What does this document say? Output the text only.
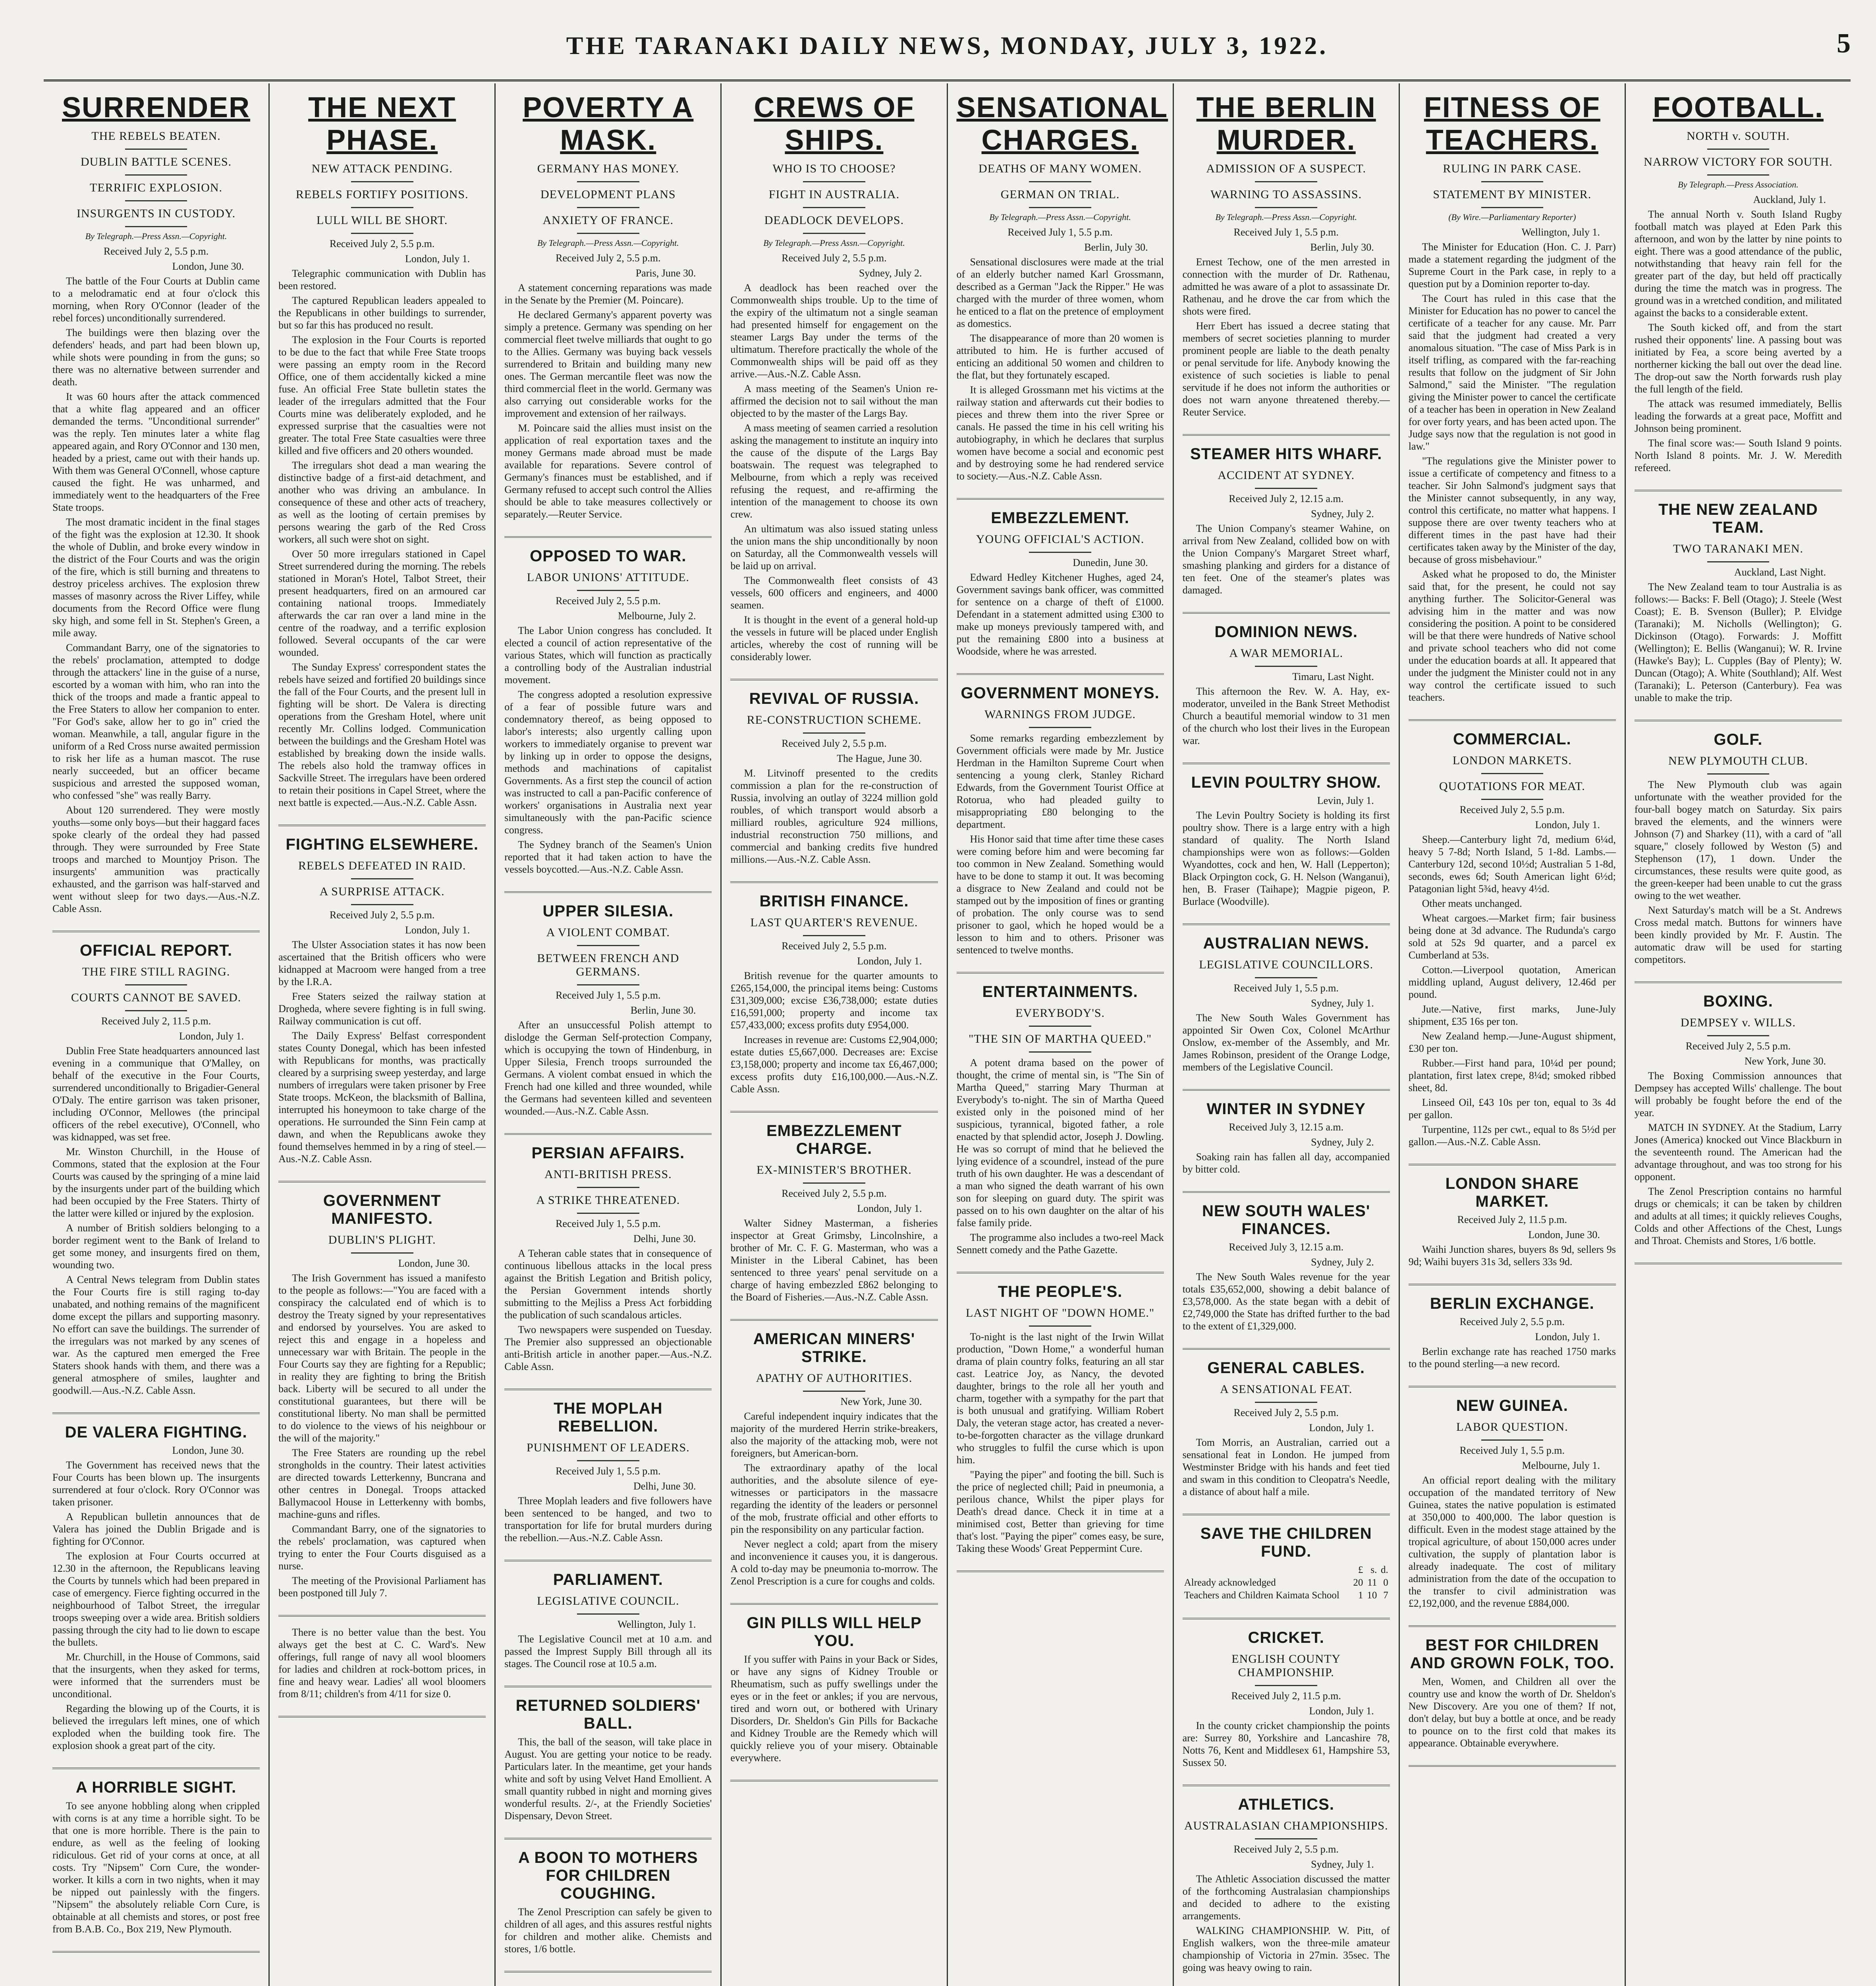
THE TARANAKI DAILY NEWS, MONDAY, JULY 3, 1922.	5
SURRENDER
THE REBELS BEATEN.
DUBLIN BATTLE SCENES.
TERRIFIC EXPLOSION.
INSURGENTS IN CUSTODY.
By Telegraph.—Press Assn.—Copyright.
Received July 2, 5.5 p.m.
London, June 30.

The battle of the Four Courts at Dublin came to a melodramatic end at four o'clock this morning, when Rory O'Connor (leader of the rebel forces) unconditionally surrendered.

The buildings were then blazing over the defenders' heads, and part had been blown up, while shots were pounding in from the guns; so there was no alternative between surrender and death.

It was 60 hours after the attack commenced that a white flag appeared and an officer demanded the terms. "Unconditional surrender" was the reply. Ten minutes later a white flag appeared again, and Rory O'Connor and 130 men, headed by a priest, came out with their hands up. With them was General O'Connell, whose capture caused the fight. He was unharmed, and immediately went to the headquarters of the Free State troops.

The most dramatic incident in the final stages of the fight was the explosion at 12.30. It shook the whole of Dublin, and broke every window in the district of the Four Courts and was the origin of the fire, which is still burning and threatens to destroy priceless archives. The explosion threw masses of masonry across the River Liffey, while documents from the Record Office were flung sky high, and some fell in St. Stephen's Green, a mile away.

Commandant Barry, one of the signatories to the rebels' proclamation, attempted to dodge through the attackers' line in the guise of a nurse, escorted by a woman with him, who ran into the thick of the troops and made a frantic appeal to the Free Staters to allow her companion to enter. "For God's sake, allow her to go in" cried the woman. Meanwhile, a tall, angular figure in the uniform of a Red Cross nurse awaited permission to risk her life as a human mascot. The ruse nearly succeeded, but an officer became suspicious and arrested the supposed woman, who confessed "she" was really Barry.

About 120 surrendered. They were mostly youths—some only boys—but their haggard faces spoke clearly of the ordeal they had passed through. They were surrounded by Free State troops and marched to Mountjoy Prison. The insurgents' ammunition was practically exhausted, and the garrison was half-starved and went without sleep for two days.—Aus.-N.Z. Cable Assn.

OFFICIAL REPORT.
THE FIRE STILL RAGING.
COURTS CANNOT BE SAVED.
Received July 2, 11.5 p.m.
London, July 1.

Dublin Free State headquarters announced last evening in a communique that O'Malley, on behalf of the executive in the Four Courts, surrendered unconditionally to Brigadier-General O'Daly. The entire garrison was taken prisoner, including O'Connor, Mellowes (the principal officers of the rebel executive), O'Connell, who was kidnapped, was set free.

Mr. Winston Churchill, in the House of Commons, stated that the explosion at the Four Courts was caused by the springing of a mine laid by the insurgents under part of the building which had been occupied by the Free Staters. Thirty of the latter were killed or injured by the explosion.

A number of British soldiers belonging to a border regiment went to the Bank of Ireland to get some money, and insurgents fired on them, wounding two.

A Central News telegram from Dublin states the Four Courts fire is still raging to-day unabated, and nothing remains of the magnificent dome except the pillars and supporting masonry. No effort can save the buildings. The surrender of the irregulars was not marked by any scenes of war. As the captured men emerged the Free Staters shook hands with them, and there was a general atmosphere of smiles, laughter and goodwill.—Aus.-N.Z. Cable Assn.

DE VALERA FIGHTING.
London, June 30.

The Government has received news that the Four Courts has been blown up. The insurgents surrendered at four o'clock. Rory O'Connor was taken prisoner.

A Republican bulletin announces that de Valera has joined the Dublin Brigade and is fighting for O'Connor.

The explosion at Four Courts occurred at 12.30 in the afternoon, the Republicans leaving the Courts by tunnels which had been prepared in case of emergency. Fierce fighting occurred in the neighbourhood of Talbot Street, the irregular troops sweeping over a wide area. British soldiers passing through the city had to lie down to escape the bullets.

Mr. Churchill, in the House of Commons, said that the insurgents, when they asked for terms, were informed that the surrenders must be unconditional.

Regarding the blowing up of the Courts, it is believed the irregulars left mines, one of which exploded when the building took fire. The explosion shook a great part of the city.

A HORRIBLE SIGHT.

To see anyone hobbling along when crippled with corns is at any time a horrible sight. To be that one is more horrible. There is the pain to endure, as well as the feeling of looking ridiculous. Get rid of your corns at once, at all costs. Try "Nipsem" Corn Cure, the wonder-worker. It kills a corn in two nights, when it may be nipped out painlessly with the fingers. "Nipsem" the absolutely reliable Corn Cure, is obtainable at all chemists and stores, or post free from B.A.B. Co., Box 219, New Plymouth.

THE NEXT PHASE.
NEW ATTACK PENDING.
REBELS FORTIFY POSITIONS.
LULL WILL BE SHORT.
Received July 2, 5.5 p.m.
London, July 1.

Telegraphic communication with Dublin has been restored.

The captured Republican leaders appealed to the Republicans in other buildings to surrender, but so far this has produced no result.

The explosion in the Four Courts is reported to be due to the fact that while Free State troops were passing an empty room in the Record Office, one of them accidentally kicked a mine fuse. An official Free State bulletin states the leader of the irregulars admitted that the Four Courts mine was deliberately exploded, and he expressed surprise that the casualties were not greater. The total Free State casualties were three killed and five officers and 20 others wounded.

The irregulars shot dead a man wearing the distinctive badge of a first-aid detachment, and another who was driving an ambulance. In consequence of these and other acts of treachery, as well as the looting of certain premises by persons wearing the garb of the Red Cross workers, all such were shot on sight.

Over 50 more irregulars stationed in Capel Street surrendered during the morning. The rebels stationed in Moran's Hotel, Talbot Street, their present headquarters, fired on an armoured car containing national troops. Immediately afterwards the car ran over a land mine in the centre of the roadway, and a terrific explosion followed. Several occupants of the car were wounded.

The Sunday Express' correspondent states the rebels have seized and fortified 20 buildings since the fall of the Four Courts, and the present lull in fighting will be short. De Valera is directing operations from the Gresham Hotel, where unit recently Mr. Collins lodged. Communication between the buildings and the Gresham Hotel was established by breaking down the inside walls. The rebels also hold the tramway offices in Sackville Street. The irregulars have been ordered to retain their positions in Capel Street, where the next battle is expected.—Aus.-N.Z. Cable Assn.

FIGHTING ELSEWHERE.
REBELS DEFEATED IN RAID.
A SURPRISE ATTACK.
Received July 2, 5.5 p.m.
London, July 1.

The Ulster Association states it has now been ascertained that the British officers who were kidnapped at Macroom were hanged from a tree by the I.R.A.

Free Staters seized the railway station at Drogheda, where severe fighting is in full swing. Railway communication is cut off.

The Daily Express' Belfast correspondent states County Donegal, which has been infested with Republicans for months, was practically cleared by a surprising sweep yesterday, and large numbers of irregulars were taken prisoner by Free State troops. McKeon, the blacksmith of Ballina, interrupted his honeymoon to take charge of the operations. He surrounded the Sinn Fein camp at dawn, and when the Republicans awoke they found themselves hemmed in by a ring of steel.—Aus.-N.Z. Cable Assn.

GOVERNMENT MANIFESTO.
DUBLIN'S PLIGHT.
London, June 30.

The Irish Government has issued a manifesto to the people as follows:—"You are faced with a conspiracy the calculated end of which is to destroy the Treaty signed by your representatives and endorsed by yourselves. You are asked to reject this and engage in a hopeless and unnecessary war with Britain. The people in the Four Courts say they are fighting for a Republic; in reality they are fighting to bring the British back. Liberty will be secured to all under the constitutional guarantees, but there will be constitutional liberty. No man shall be permitted to do violence to the views of his neighbour or the will of the majority."

The Free Staters are rounding up the rebel strongholds in the country. Their latest activities are directed towards Letterkenny, Buncrana and other centres in Donegal. Troops attacked Ballymacool House in Letterkenny with bombs, machine-guns and rifles.

Commandant Barry, one of the signatories to the rebels' proclamation, was captured when trying to enter the Four Courts disguised as a nurse.

The meeting of the Provisional Parliament has been postponed till July 7.

There is no better value than the best. You always get the best at C. C. Ward's. New offerings, full range of navy all wool bloomers for ladies and children at rock-bottom prices, in fine and heavy wear. Ladies' all wool bloomers from 8/11; children's from 4/11 for size 0.

POVERTY A MASK.
GERMANY HAS MONEY.
DEVELOPMENT PLANS
ANXIETY OF FRANCE.
By Telegraph.—Press Assn.—Copyright.
Received July 2, 5.5 p.m.
Paris, June 30.

A statement concerning reparations was made in the Senate by the Premier (M. Poincare).

He declared Germany's apparent poverty was simply a pretence. Germany was spending on her commercial fleet twelve milliards that ought to go to the Allies. Germany was buying back vessels surrendered to Britain and building many new ones. The German mercantile fleet was now the third commercial fleet in the world. Germany was also carrying out considerable works for the improvement and extension of her railways.

M. Poincare said the allies must insist on the application of real exportation taxes and the money Germans made abroad must be made available for reparations. Severe control of Germany's finances must be established, and if Germany refused to accept such control the Allies should be able to take measures collectively or separately.—Reuter Service.

OPPOSED TO WAR.
LABOR UNIONS' ATTITUDE.
Received July 2, 5.5 p.m.
Melbourne, July 2.

The Labor Union congress has concluded. It elected a council of action representative of the various States, which will function as practically a controlling body of the Australian industrial movement.

The congress adopted a resolution expressive of a fear of possible future wars and condemnatory thereof, as being opposed to labor's interests; also urgently calling upon workers to immediately organise to prevent war by linking up in order to oppose the designs, methods and machinations of capitalist Governments. As a first step the council of action was instructed to call a pan-Pacific conference of workers' organisations in Australia next year simultaneously with the pan-Pacific science congress.

The Sydney branch of the Seamen's Union reported that it had taken action to have the vessels boycotted.—Aus.-N.Z. Cable Assn.

UPPER SILESIA.
A VIOLENT COMBAT.
BETWEEN FRENCH AND GERMANS.
Received July 1, 5.5 p.m.
Berlin, June 30.

After an unsuccessful Polish attempt to dislodge the German Self-protection Company, which is occupying the town of Hindenburg, in Upper Silesia, French troops surrounded the Germans. A violent combat ensued in which the French had one killed and three wounded, while the Germans had seventeen killed and seventeen wounded.—Aus.-N.Z. Cable Assn.

PERSIAN AFFAIRS.
ANTI-BRITISH PRESS.
A STRIKE THREATENED.
Received July 1, 5.5 p.m.
Delhi, June 30.

A Teheran cable states that in consequence of continuous libellous attacks in the local press against the British Legation and British policy, the Persian Government intends shortly submitting to the Mejliss a Press Act forbidding the publication of such scandalous articles.

Two newspapers were suspended on Tuesday. The Premier also suppressed an objectionable anti-British article in another paper.—Aus.-N.Z. Cable Assn.

THE MOPLAH REBELLION.
PUNISHMENT OF LEADERS.
Received July 1, 5.5 p.m.
Delhi, June 30.

Three Moplah leaders and five followers have been sentenced to be hanged, and two to transportation for life for brutal murders during the rebellion.—Aus.-N.Z. Cable Assn.

PARLIAMENT.
LEGISLATIVE COUNCIL.
Wellington, July 1.

The Legislative Council met at 10 a.m. and passed the Imprest Supply Bill through all its stages. The Council rose at 10.5 a.m.

RETURNED SOLDIERS' BALL.

This, the ball of the season, will take place in August. You are getting your notice to be ready. Particulars later. In the meantime, get your hands white and soft by using Velvet Hand Emollient. A small quantity rubbed in night and morning gives wonderful results. 2/-, at the Friendly Societies' Dispensary, Devon Street.

A BOON TO MOTHERS FOR CHILDREN COUGHING.

The Zenol Prescription can safely be given to children of all ages, and this assures restful nights for children and mother alike. Chemists and stores, 1/6 bottle.

CREWS OF SHIPS.
WHO IS TO CHOOSE?
FIGHT IN AUSTRALIA.
DEADLOCK DEVELOPS.
By Telegraph.—Press Assn.—Copyright.
Received July 2, 5.5 p.m.
Sydney, July 2.

A deadlock has been reached over the Commonwealth ships trouble. Up to the time of the expiry of the ultimatum not a single seaman had presented himself for engagement on the steamer Largs Bay under the terms of the ultimatum. Therefore practically the whole of the Commonwealth ships will be paid off as they arrive.—Aus.-N.Z. Cable Assn.

A mass meeting of the Seamen's Union re-affirmed the decision not to sail without the man objected to by the master of the Largs Bay.

A mass meeting of seamen carried a resolution asking the management to institute an inquiry into the cause of the dispute of the Largs Bay boatswain. The request was telegraphed to Melbourne, from which a reply was received refusing the request, and re-affirming the intention of the management to choose its own crew.

An ultimatum was also issued stating unless the union mans the ship unconditionally by noon on Saturday, all the Commonwealth vessels will be laid up on arrival.

The Commonwealth fleet consists of 43 vessels, 600 officers and engineers, and 4000 seamen.

It is thought in the event of a general hold-up the vessels in future will be placed under English articles, whereby the cost of running will be considerably lower.

REVIVAL OF RUSSIA.
RE-CONSTRUCTION SCHEME.
Received July 2, 5.5 p.m.
The Hague, June 30.

M. Litvinoff presented to the credits commission a plan for the re-construction of Russia, involving an outlay of 3224 million gold roubles, of which transport would absorb a milliard roubles, agriculture 924 millions, industrial reconstruction 750 millions, and commercial and banking credits five hundred millions.—Aus.-N.Z. Cable Assn.

BRITISH FINANCE.
LAST QUARTER'S REVENUE.
Received July 2, 5.5 p.m.
London, July 1.

British revenue for the quarter amounts to £265,154,000, the principal items being: Customs £31,309,000; excise £36,738,000; estate duties £16,591,000; property and income tax £57,433,000; excess profits duty £954,000.

Increases in revenue are: Customs £2,904,000; estate duties £5,667,000. Decreases are: Excise £3,158,000; property and income tax £6,467,000; excess profits duty £16,100,000.—Aus.-N.Z. Cable Assn.

EMBEZZLEMENT CHARGE.
EX-MINISTER'S BROTHER.
Received July 2, 5.5 p.m.
London, July 1.

Walter Sidney Masterman, a fisheries inspector at Great Grimsby, Lincolnshire, a brother of Mr. C. F. G. Masterman, who was a Minister in the Liberal Cabinet, has been sentenced to three years' penal servitude on a charge of having embezzled £862 belonging to the Board of Fisheries.—Aus.-N.Z. Cable Assn.

AMERICAN MINERS' STRIKE.
APATHY OF AUTHORITIES.
New York, June 30.

Careful independent inquiry indicates that the majority of the murdered Herrin strike-breakers, also the majority of the attacking mob, were not foreigners, but American-born.

The extraordinary apathy of the local authorities, and the absolute silence of eye-witnesses or participators in the massacre regarding the identity of the leaders or personnel of the mob, frustrate official and other efforts to pin the responsibility on any particular faction.

Never neglect a cold; apart from the misery and inconvenience it causes you, it is dangerous. A cold to-day may be pneumonia to-morrow. The Zenol Prescription is a cure for coughs and colds.

GIN PILLS WILL HELP YOU.

If you suffer with Pains in your Back or Sides, or have any signs of Kidney Trouble or Rheumatism, such as puffy swellings under the eyes or in the feet or ankles; if you are nervous, tired and worn out, or bothered with Urinary Disorders, Dr. Sheldon's Gin Pills for Backache and Kidney Trouble are the Remedy which will quickly relieve you of your misery. Obtainable everywhere.

SENSATIONAL CHARGES.
DEATHS OF MANY WOMEN.
GERMAN ON TRIAL.
By Telegraph.—Press Assn.—Copyright.
Received July 1, 5.5 p.m.
Berlin, July 30.

Sensational disclosures were made at the trial of an elderly butcher named Karl Grossmann, described as a German "Jack the Ripper." He was charged with the murder of three women, whom he enticed to a flat on the pretence of employment as domestics.

The disappearance of more than 20 women is attributed to him. He is further accused of enticing an additional 50 women and children to the flat, but they fortunately escaped.

It is alleged Grossmann met his victims at the railway station and afterwards cut their bodies to pieces and threw them into the river Spree or canals. He passed the time in his cell writing his autobiography, in which he declares that surplus women have become a social and economic pest and by destroying some he had rendered service to society.—Aus.-N.Z. Cable Assn.

EMBEZZLEMENT.
YOUNG OFFICIAL'S ACTION.
Dunedin, June 30.

Edward Hedley Kitchener Hughes, aged 24, Government savings bank officer, was committed for sentence on a charge of theft of £1000. Defendant in a statement admitted using £300 to make up moneys previously tampered with, and put the remaining £800 into a business at Woodside, where he was arrested.

GOVERNMENT MONEYS.
WARNINGS FROM JUDGE.

Some remarks regarding embezzlement by Government officials were made by Mr. Justice Herdman in the Hamilton Supreme Court when sentencing a young clerk, Stanley Richard Edwards, from the Government Tourist Office at Rotorua, who had pleaded guilty to misappropriating £80 belonging to the department.

His Honor said that time after time these cases were coming before him and were becoming far too common in New Zealand. Something would have to be done to stamp it out. It was becoming a disgrace to New Zealand and could not be stamped out by the imposition of fines or granting of probation. The only course was to send prisoner to gaol, which he hoped would be a lesson to him and to others. Prisoner was sentenced to twelve months.

ENTERTAINMENTS.
EVERYBODY'S.
"THE SIN OF MARTHA QUEED."

A potent drama based on the power of thought, the crime of mental sin, is "The Sin of Martha Queed," starring Mary Thurman at Everybody's to-night. The sin of Martha Queed existed only in the poisoned mind of her suspicious, tyrannical, bigoted father, a role enacted by that splendid actor, Joseph J. Dowling. He was so corrupt of mind that he believed the lying evidence of a scoundrel, instead of the pure truth of his own daughter. He was a descendant of a man who signed the death warrant of his own son for sleeping on guard duty. The spirit was passed on to his own daughter on the altar of his false family pride.

The programme also includes a two-reel Mack Sennett comedy and the Pathe Gazette.

THE PEOPLE'S.
LAST NIGHT OF "DOWN HOME."

To-night is the last night of the Irwin Willat production, "Down Home," a wonderful human drama of plain country folks, featuring an all star cast. Leatrice Joy, as Nancy, the devoted daughter, brings to the role all her youth and charm, together with a sympathy for the part that is both unusual and gratifying. William Robert Daly, the veteran stage actor, has created a never-to-be-forgotten character as the village drunkard who struggles to fulfil the curse which is upon him.

"Paying the piper" and footing the bill. Such is the price of neglected chill; Paid in pneumonia, a perilous chance, Whilst the piper plays for Death's dread dance. Check it in time at a minimised cost, Better than grieving for time that's lost. "Paying the piper" comes easy, be sure, Taking these Woods' Great Peppermint Cure.

THE BERLIN MURDER.
ADMISSION OF A SUSPECT.
WARNING TO ASSASSINS.
By Telegraph.—Press Assn.—Copyright.
Received July 1, 5.5 p.m.
Berlin, July 30.

Ernest Techow, one of the men arrested in connection with the murder of Dr. Rathenau, admitted he was aware of a plot to assassinate Dr. Rathenau, and he drove the car from which the shots were fired.

Herr Ebert has issued a decree stating that members of secret societies planning to murder prominent people are liable to the death penalty or penal servitude for life. Anybody knowing the existence of such societies is liable to penal servitude if he does not inform the authorities or does not warn anyone threatened thereby.—Reuter Service.

STEAMER HITS WHARF.
ACCIDENT AT SYDNEY.
Received July 2, 12.15 a.m.
Sydney, July 2.

The Union Company's steamer Wahine, on arrival from New Zealand, collided bow on with the Union Company's Margaret Street wharf, smashing planking and girders for a distance of ten feet. One of the steamer's plates was damaged.

DOMINION NEWS.
A WAR MEMORIAL.
Timaru, Last Night.

This afternoon the Rev. W. A. Hay, ex-moderator, unveiled in the Bank Street Methodist Church a beautiful memorial window to 31 men of the church who lost their lives in the European war.

LEVIN POULTRY SHOW.
Levin, July 1.

The Levin Poultry Society is holding its first poultry show. There is a large entry with a high standard of quality. The North Island championships were won as follows:—Golden Wyandottes, cock and hen, W. Hall (Lepperton); Black Orpington cock, G. H. Nelson (Wanganui), hen, B. Fraser (Taihape); Magpie pigeon, P. Burlace (Woodville).

AUSTRALIAN NEWS.
LEGISLATIVE COUNCILLORS.
Received July 1, 5.5 p.m.
Sydney, July 1.

The New South Wales Government has appointed Sir Owen Cox, Colonel McArthur Onslow, ex-member of the Assembly, and Mr. James Robinson, president of the Orange Lodge, members of the Legislative Council.

WINTER IN SYDNEY
Received July 3, 12.15 a.m.
Sydney, July 2.

Soaking rain has fallen all day, accompanied by bitter cold.

NEW SOUTH WALES' FINANCES.
Received July 3, 12.15 a.m.
Sydney, July 2.

The New South Wales revenue for the year totals £35,652,000, showing a debit balance of £3,578,000. As the state began with a debit of £2,749,000 the State has drifted further to the bad to the extent of £1,329,000.

GENERAL CABLES.
A SENSATIONAL FEAT.
Received July 2, 5.5 p.m.
London, July 1.

Tom Morris, an Australian, carried out a sensational feat in London. He jumped from Westminster Bridge with his hands and feet tied and swam in this condition to Cleopatra's Needle, a distance of about half a mile.

SAVE THE CHILDREN FUND.
	£	s.	d.
Already acknowledged	20	11	0
Teachers and Children Kaimata School	1	10	7
CRICKET.
ENGLISH COUNTY CHAMPIONSHIP.
Received July 2, 11.5 p.m.
London, July 1.

In the county cricket championship the points are: Surrey 80, Yorkshire and Lancashire 78, Notts 76, Kent and Middlesex 61, Hampshire 53, Sussex 50.

ATHLETICS.
AUSTRALASIAN CHAMPIONSHIPS.
Received July 2, 5.5 p.m.
Sydney, July 1.

The Athletic Association discussed the matter of the forthcoming Australasian championships and decided to adhere to the existing arrangements.

WALKING CHAMPIONSHIP. W. Pitt, of English walkers, won the three-mile amateur championship of Victoria in 27min. 35sec. The going was heavy owing to rain.

FITNESS OF TEACHERS.
RULING IN PARK CASE.
STATEMENT BY MINISTER.
(By Wire.—Parliamentary Reporter)
Wellington, July 1.

The Minister for Education (Hon. C. J. Parr) made a statement regarding the judgment of the Supreme Court in the Park case, in reply to a question put by a Dominion reporter to-day.

The Court has ruled in this case that the Minister for Education has no power to cancel the certificate of a teacher for any cause. Mr. Parr said that the judgment had created a very anomalous situation. "The case of Miss Park is in itself trifling, as compared with the far-reaching results that follow on the judgment of Sir John Salmond," said the Minister. "The regulation giving the Minister power to cancel the certificate of a teacher has been in operation in New Zealand for over forty years, and has been acted upon. The Judge says now that the regulation is not good in law."

"The regulations give the Minister power to issue a certificate of competency and fitness to a teacher. Sir John Salmond's judgment says that the Minister cannot subsequently, in any way, control this certificate, no matter what happens. I suppose there are over twenty teachers who at different times in the past have had their certificates taken away by the Minister of the day, because of gross misbehaviour."

Asked what he proposed to do, the Minister said that, for the present, he could not say anything further. The Solicitor-General was advising him in the matter and was now considering the position. A point to be considered will be that there were hundreds of Native school and private school teachers who did not come under the education boards at all. It appeared that under the judgment the Minister could not in any way control the certificate issued to such teachers.

COMMERCIAL.
LONDON MARKETS.
QUOTATIONS FOR MEAT.
Received July 2, 5.5 p.m.
London, July 1.

Sheep.—Canterbury light 7d, medium 6¼d, heavy 5 7-8d; North Island, 5 1-8d. Lambs.—Canterbury 12d, second 10½d; Australian 5 1-8d, seconds, ewes 6d; South American light 6½d; Patagonian light 5¾d, heavy 4½d.

Other meats unchanged.

Wheat cargoes.—Market firm; fair business being done at 3d advance. The Rudunda's cargo sold at 52s 9d quarter, and a parcel ex Cumberland at 53s.

Cotton.—Liverpool quotation, American middling upland, August delivery, 12.46d per pound.

Jute.—Native, first marks, June-July shipment, £35 16s per ton.

New Zealand hemp.—June-August shipment, £30 per ton.

Rubber.—First hand para, 10¼d per pound; plantation, first latex crepe, 8¼d; smoked ribbed sheet, 8d.

Linseed Oil, £43 10s per ton, equal to 3s 4d per gallon.

Turpentine, 112s per cwt., equal to 8s 5½d per gallon.—Aus.-N.Z. Cable Assn.

LONDON SHARE MARKET.
Received July 2, 11.5 p.m.
London, June 30.

Waihi Junction shares, buyers 8s 9d, sellers 9s 9d; Waihi buyers 31s 3d, sellers 33s 9d.

BERLIN EXCHANGE.
Received July 2, 5.5 p.m.
London, July 1.

Berlin exchange rate has reached 1750 marks to the pound sterling—a new record.

NEW GUINEA.
LABOR QUESTION.
Received July 1, 5.5 p.m.
Melbourne, July 1.

An official report dealing with the military occupation of the mandated territory of New Guinea, states the native population is estimated at 350,000 to 400,000. The labor question is difficult. Even in the modest stage attained by the tropical agriculture, of about 150,000 acres under cultivation, the supply of plantation labor is already inadequate. The cost of military administration from the date of the occupation to the transfer to civil administration was £2,192,000, and the revenue £884,000.

BEST FOR CHILDREN AND GROWN FOLK, TOO.

Men, Women, and Children all over the country use and know the worth of Dr. Sheldon's New Discovery. Are you one of them? If not, don't delay, but buy a bottle at once, and be ready to pounce on to the first cold that makes its appearance. Obtainable everywhere.

FOOTBALL.
NORTH v. SOUTH.
NARROW VICTORY FOR SOUTH.
By Telegraph.—Press Association.
Auckland, July 1.

The annual North v. South Island Rugby football match was played at Eden Park this afternoon, and won by the latter by nine points to eight. There was a good attendance of the public, notwithstanding that heavy rain fell for the greater part of the day, but held off practically during the time the match was in progress. The ground was in a wretched condition, and militated against the backs to a considerable extent.

The South kicked off, and from the start rushed their opponents' line. A passing bout was initiated by Fea, a score being averted by a northerner kicking the ball out over the dead line. The drop-out saw the North forwards rush play the full length of the field.

The attack was resumed immediately, Bellis leading the forwards at a great pace, Moffitt and Johnson being prominent.

The final score was:— South Island 9 points. North Island 8 points. Mr. J. W. Meredith refereed.

THE NEW ZEALAND TEAM.
TWO TARANAKI MEN.
Auckland, Last Night.

The New Zealand team to tour Australia is as follows:— Backs: F. Bell (Otago); J. Steele (West Coast); E. B. Svenson (Buller); P. Elvidge (Taranaki); M. Nicholls (Wellington); G. Dickinson (Otago). Forwards: J. Moffitt (Wellington); E. Bellis (Wanganui); W. R. Irvine (Hawke's Bay); L. Cupples (Bay of Plenty); W. Duncan (Otago); A. White (Southland); Alf. West (Taranaki); L. Peterson (Canterbury). Fea was unable to make the trip.

GOLF.
NEW PLYMOUTH CLUB.

The New Plymouth club was again unfortunate with the weather provided for the four-ball bogey match on Saturday. Six pairs braved the elements, and the winners were Johnson (7) and Sharkey (11), with a card of "all square," closely followed by Weston (5) and Stephenson (17), 1 down. Under the circumstances, these results were quite good, as the green-keeper had been unable to cut the grass owing to the wet weather.

Next Saturday's match will be a St. Andrews Cross medal match. Buttons for winners have been kindly provided by Mr. F. Austin. The automatic draw will be used for starting competitors.

BOXING.
DEMPSEY v. WILLS.
Received July 2, 5.5 p.m.
New York, June 30.

The Boxing Commission announces that Dempsey has accepted Wills' challenge. The bout will probably be fought before the end of the year.

MATCH IN SYDNEY. At the Stadium, Larry Jones (America) knocked out Vince Blackburn in the seventeenth round. The American had the advantage throughout, and was too strong for his opponent.

The Zenol Prescription contains no harmful drugs or chemicals; it can be taken by children and adults at all times; it quickly relieves Coughs, Colds and other Affections of the Chest, Lungs and Throat. Chemists and Stores, 1/6 bottle.
